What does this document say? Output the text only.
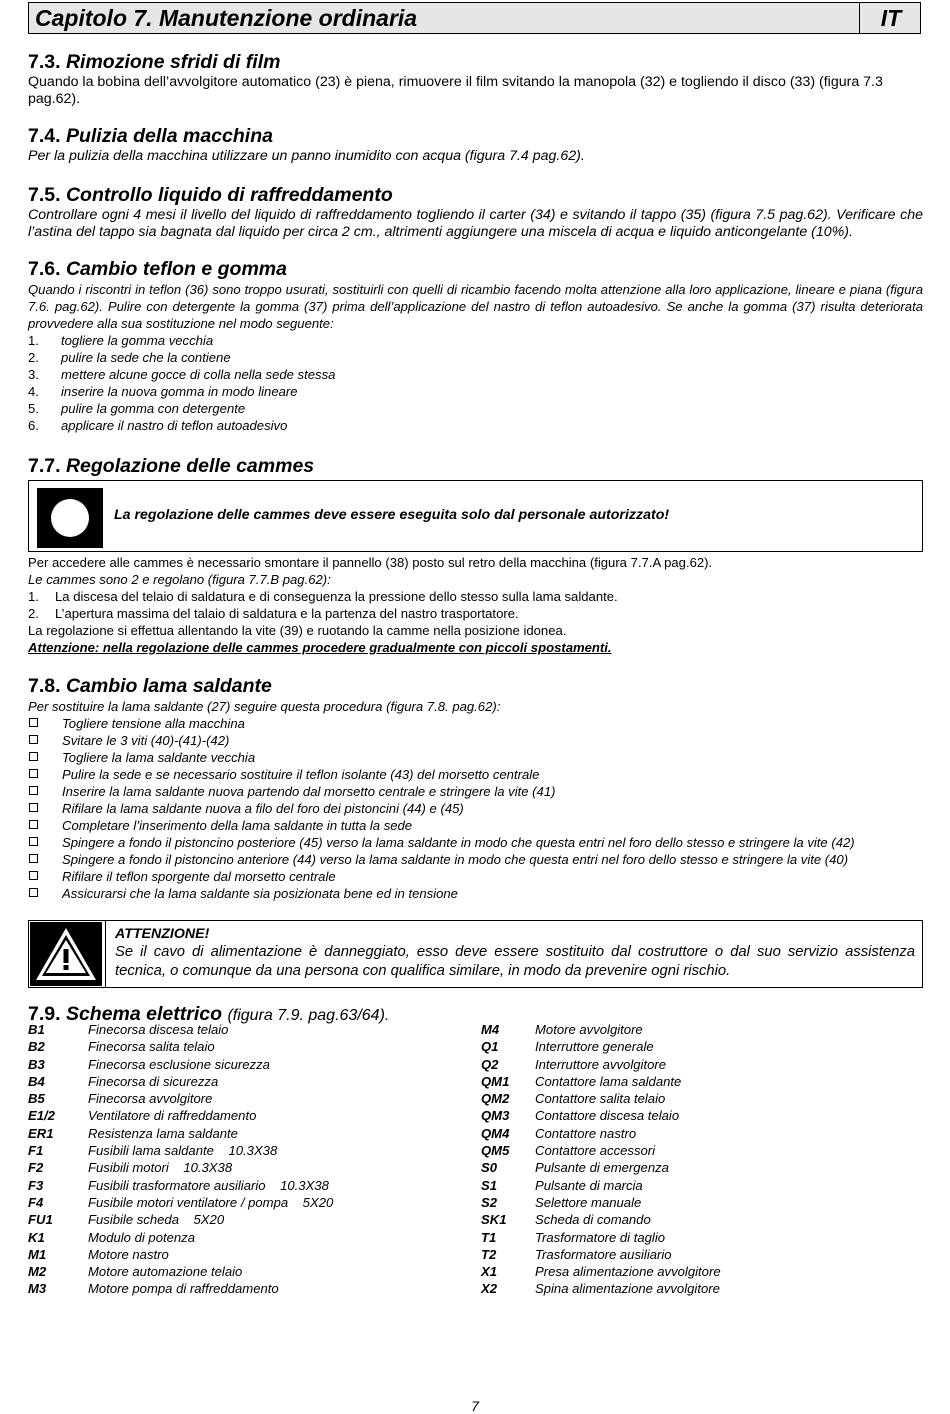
Capitolo 7. Manutenzione ordinaria	IT
7.3. Rimozione sfridi di film

Quando la bobina dell’avvolgitore automatico (23) è piena, rimuovere il film svitando la manopola (32) e togliendo il disco (33) (figura 7.3 pag.62).

7.4. Pulizia della macchina

Per la pulizia della macchina utilizzare un panno inumidito con acqua (figura 7.4 pag.62).

7.5. Controllo liquido di raffreddamento

Controllare ogni 4 mesi il livello del liquido di raffreddamento togliendo il carter (34) e svitando il tappo (35) (figura 7.5 pag.62). Verificare che l’astina del tappo sia bagnata dal liquido per circa 2 cm., altrimenti aggiungere una miscela di acqua e liquido anticongelante (10%).

7.6. Cambio teflon e gomma

Quando i riscontri in teflon (36) sono troppo usurati, sostituirli con quelli di ricambio facendo molta attenzione alla loro applicazione, lineare e piana (figura 7.6. pag.62). Pulire con detergente la gomma (37) prima dell’applicazione del nastro di teflon autoadesivo. Se anche la gomma (37) risulta deteriorata provvedere alla sua sostituzione nel modo seguente:

1. togliere la gomma vecchia
2. pulire la sede che la contiene
3. mettere alcune gocce di colla nella sede stessa
4. inserire la nuova gomma in modo lineare
5. pulire la gomma con detergente
6. applicare il nastro di teflon autoadesivo
7.7. Regolazione delle cammes
La regolazione delle cammes deve essere eseguita solo dal personale autorizzato!

Per accedere alle cammes è necessario smontare il pannello (38) posto sul retro della macchina (figura 7.7.A pag.62).

Le cammes sono 2 e regolano (figura 7.7.B pag.62):

1. La discesa del telaio di saldatura e di conseguenza la pressione dello stesso sulla lama saldante.
2. L’apertura massima del talaio di saldatura e la partenza del nastro trasportatore.

La regolazione si effettua allentando la vite (39) e ruotando la camme nella posizione idonea.

Attenzione: nella regolazione delle cammes procedere gradualmente con piccoli spostamenti.

7.8. Cambio lama saldante

Per sostituire la lama saldante (27) seguire questa procedura (figura 7.8. pag.62):

Togliere tensione alla macchina
Svitare le 3 viti (40)-(41)-(42)
Togliere la lama saldante vecchia
Pulire la sede e se necessario sostituire il teflon isolante (43) del morsetto centrale
Inserire la lama saldante nuova partendo dal morsetto centrale e stringere la vite (41)
Rifilare la lama saldante nuova a filo del foro dei pistoncini (44) e (45)
Completare l’inserimento della lama saldante in tutta la sede
Spingere a fondo il pistoncino posteriore (45) verso la lama saldante in modo che questa entri nel foro dello stesso e stringere la vite (42)
Spingere a fondo il pistoncino anteriore (44) verso la lama saldante in modo che questa entri nel foro dello stesso e stringere la vite (40)
Rifilare il teflon sporgente dal morsetto centrale
Assicurarsi che la lama saldante sia posizionata bene ed in tensione
ATTENZIONE!
Se il cavo di alimentazione è danneggiato, esso deve essere sostituito dal costruttore o dal suo servizio assistenza tecnica, o comunque da una persona con qualifica similare, in modo da prevenire ogni rischio.
7.9. Schema elettrico (figura 7.9. pag.63/64).
B1	Finecorsa discesa telaio
B2	Finecorsa salita telaio
B3	Finecorsa esclusione sicurezza
B4	Finecorsa di sicurezza
B5	Finecorsa avvolgitore
E1/2	Ventilatore di raffreddamento
ER1	Resistenza lama saldante
F1	Fusibili lama saldante    10.3X38
F2	Fusibili motori    10.3X38
F3	Fusibili trasformatore ausiliario    10.3X38
F4	Fusibile motori ventilatore / pompa    5X20
FU1	Fusibile scheda    5X20
K1	Modulo di potenza
M1	Motore nastro
M2	Motore automazione telaio
M3	Motore pompa di raffreddamento
M4	Motore avvolgitore
Q1	Interruttore generale
Q2	Interruttore avvolgitore
QM1 Contattore lama saldante
QM2 Contattore salita telaio
QM3 Contattore discesa telaio
QM4 Contattore nastro
QM5 Contattore accessori
S0	Pulsante di emergenza
S1	Pulsante di marcia
S2	Selettore manuale
SK1 Scheda di comando
T1	Trasformatore di taglio
T2	Trasformatore ausiliario
X1	Presa alimentazione avvolgitore
X2	Spina alimentazione avvolgitore
7
